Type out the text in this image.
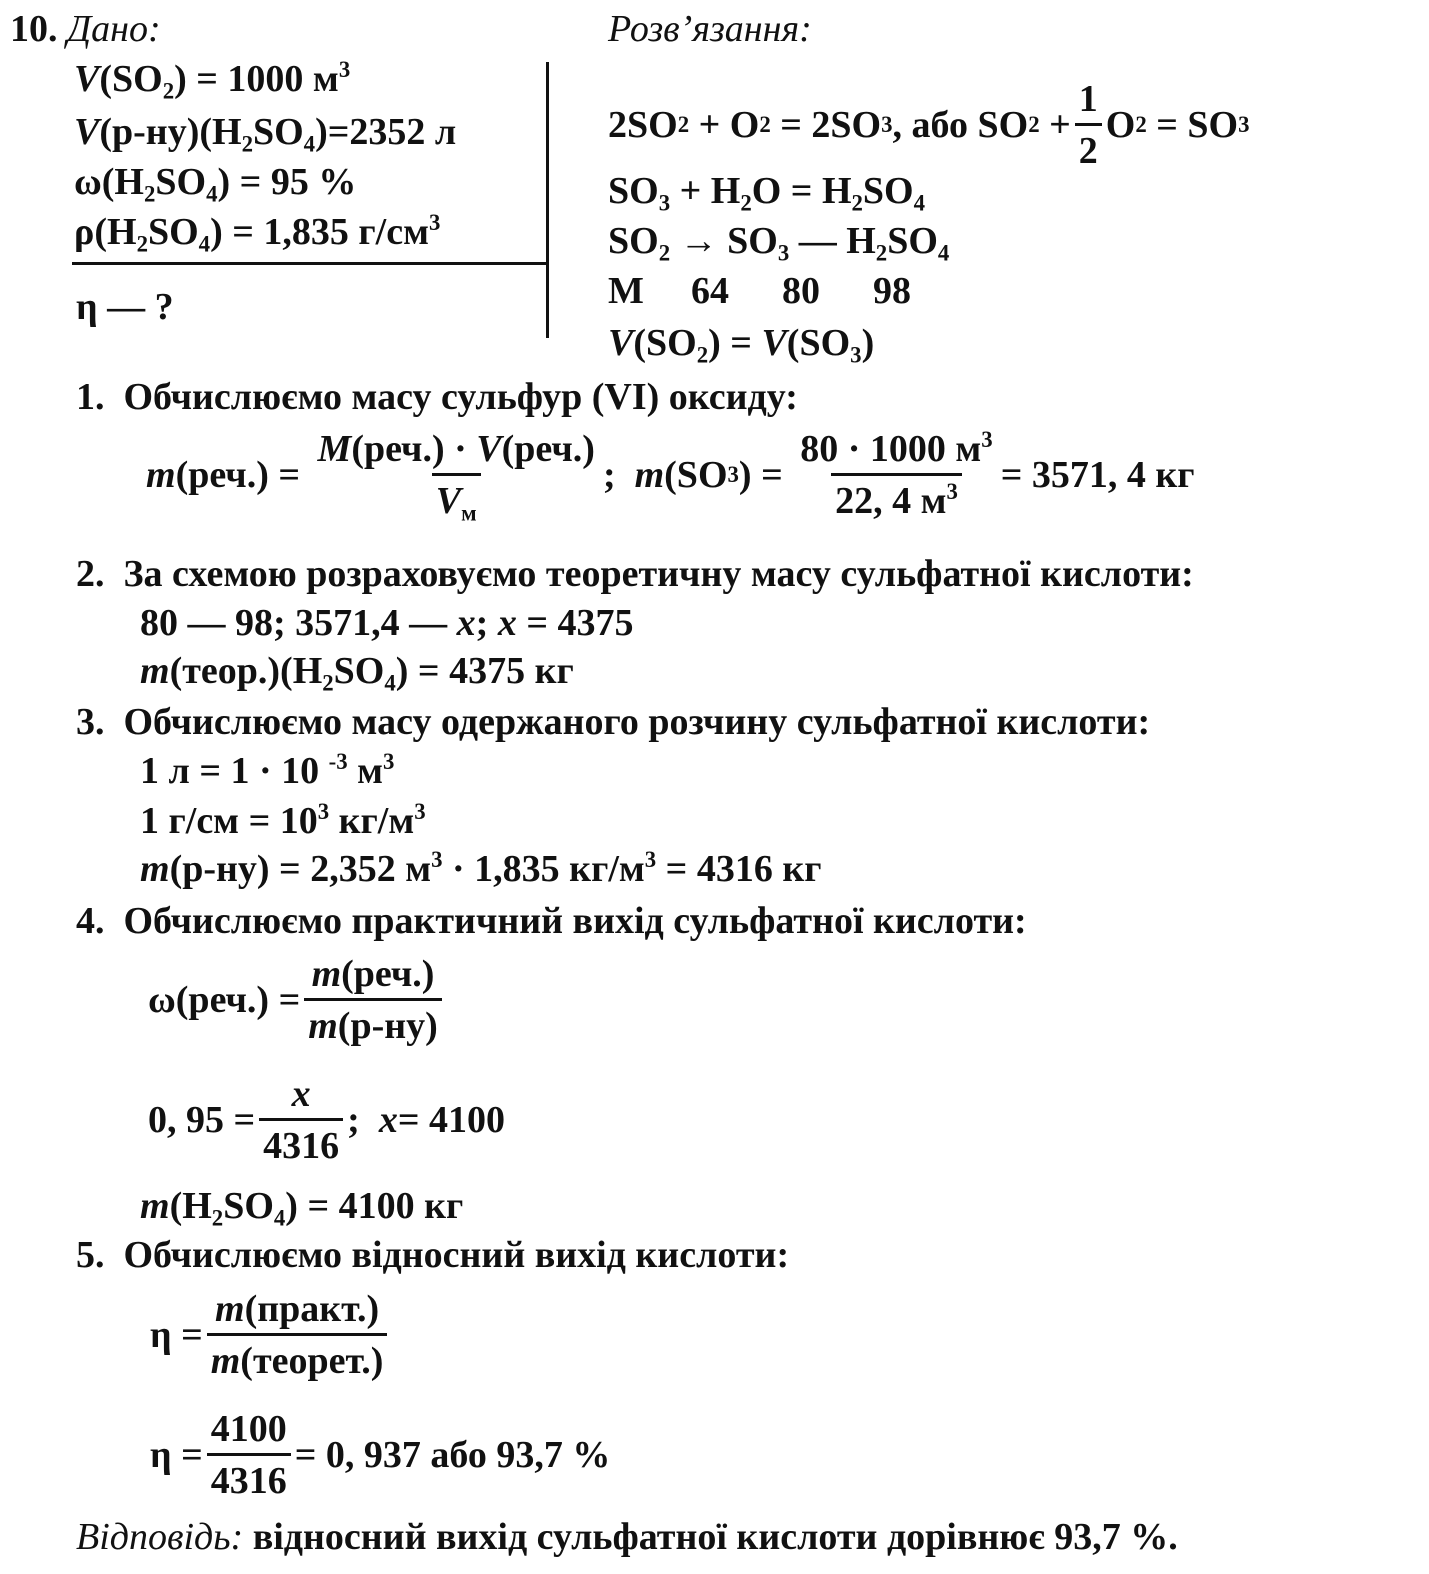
10. Дано:	Розв’язання:
$V(SO_2) = 1000$ $м^3$
$V(р-ну)(H_2SO_4)=2352$ л
$\omega(H_2SO_4) = 95$ %
$\rho(H_2SO_4) = 1,835$ $г/см^3$
η — ?
2SO 2
+ O 2
= 2SO 3 , або SO 2
+ $\frac{1}{2}$ O 2
= SO 3
$SO_3 + H_2O = H_2SO_4$
$SO_2 \to SO_3$ — $H_2SO_4$
M 64 80 98
$V(SO_2) = V(SO_3)$
1. Обчислюємо масу сульфур (VI) оксиду:
m (реч.) =
$\frac{\text{M(реч.) · V(реч.)}}{V_м}$ ;
m (SO 3 ) =
$\frac{80 \cdot 1000 м^3}{22, 4 м^3} = 3571$, 4 кг
2. За схемою розраховуємо теоретичну масу сульфатної кислоти:
80 — 98; 3571,4 — x; x = 4375
$m(теор.)(H_2SO_4) = 4375$ кг
3. Обчислюємо масу одержаного розчину сульфатної кислоти:
1 л = 1 · 10 $^{-3}$ $м^3$
1 $г/см = 10^3$ $кг/м^3$
m(р-ну) = 2,352 $м^3 \cdot 1,835$ $кг/м^3 = 4316$ кг
4. Обчислюємо практичний вихід сульфатної кислоти:
$\omega(реч.) = \frac{\text{m(реч.)}}{m(р-ну)}$
0, $95 = \frac{x}{4316}$ ;
x = 4100
$m(H_2SO_4) = 4100$ кг
5. Обчислюємо відносний вихід кислоти:
$\eta = \frac{\text{m(практ.)}}{\text{m(теорет.)}}$
$\eta = \frac{4100}{4316} = 0$, 937 або 93,7 %
Відповідь: відносний вихід сульфатної кислоти дорівнює 93,7 %.
